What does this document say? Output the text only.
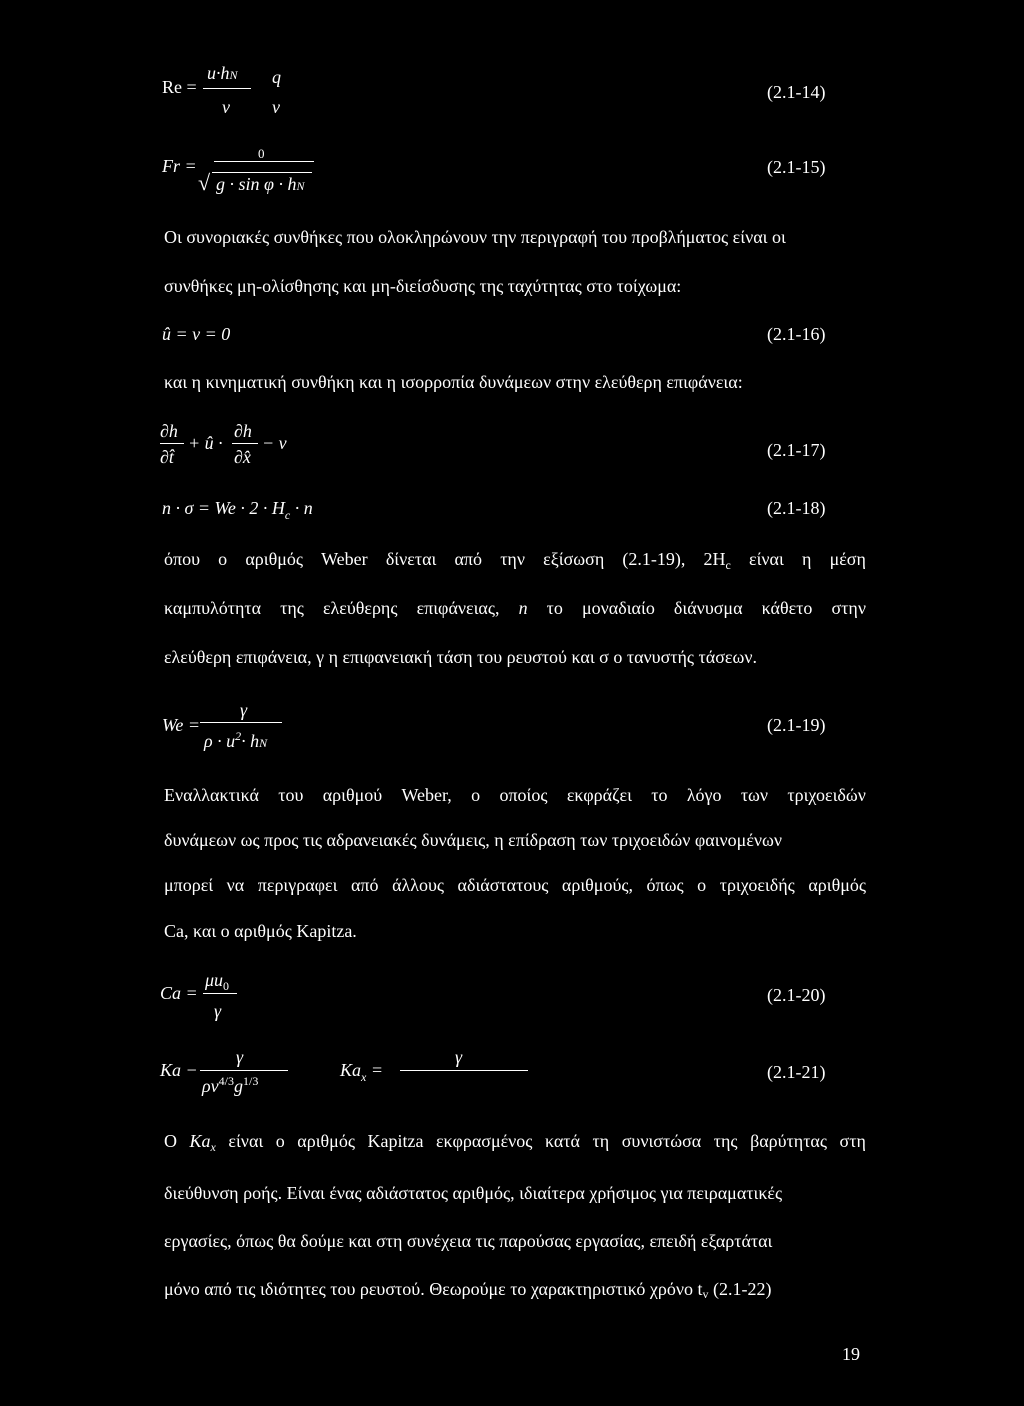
Re =
u·hN
ν
q
ν
(2.1-14)
Fr =
0
√ g · sin φ · hN
(2.1-15)
Οι συνοριακές συνθήκες που ολοκληρώνουν την περιγραφή του προβλήματος είναι οι
συνθήκες μη-ολίσθησης και μη-διείσδυσης της ταχύτητας στο τοίχωμα:
û = v = 0	(2.1-16)
και η κινηματική συνθήκη και η ισορροπία δυνάμεων στην ελεύθερη επιφάνεια:
∂h
∂t̂
+ û ·
∂h
∂x̂
− v	(2.1-17)
$n \cdot \sigma = We \cdot 2 \cdot H_c \cdot n$	(2.1-18)
όπου ο αριθμός Weber δίνεται από την εξίσωση (2.1-19), $2H_c$ είναι η μέση
καμπυλότητα της ελεύθερης επιφάνειας, n το μοναδιαίο διάνυσμα κάθετο στην
ελεύθερη επιφάνεια, γ η επιφανειακή τάση του ρευστού και σ ο τανυστής τάσεων.
We =
γ
$\rho \cdot u^2\cdot$ hN
(2.1-19)
Εναλλακτικά του αριθμού Weber, ο οποίος εκφράζει το λόγο των τριχοειδών
δυνάμεων ως προς τις αδρανειακές δυνάμεις, η επίδραση των τριχοειδών φαινομένων
μπορεί να περιγραφει από άλλους αδιάστατους αριθμούς, όπως ο τριχοειδής αριθμός
Ca, και ο αριθμός Kapitza.
Ca =
$\mu u_0$
γ
(2.1-20)
Ka −
γ
$\rho\nu^{4/3}g^{1/3}$
$Ka_x$ =
γ
(2.1-21)
Ο $Ka_x$ είναι ο αριθμός Kapitza εκφρασμένος κατά τη συνιστώσα της βαρύτητας στη
διεύθυνση ροής. Είναι ένας αδιάστατος αριθμός, ιδιαίτερα χρήσιμος για πειραματικές
εργασίες, όπως θα δούμε και στη συνέχεια τις παρούσας εργασίας, επειδή εξαρτάται
μόνο από τις ιδιότητες του ρευστού. Θεωρούμε το χαρακτηριστικό χρόνο tv (2.1-22)
19
